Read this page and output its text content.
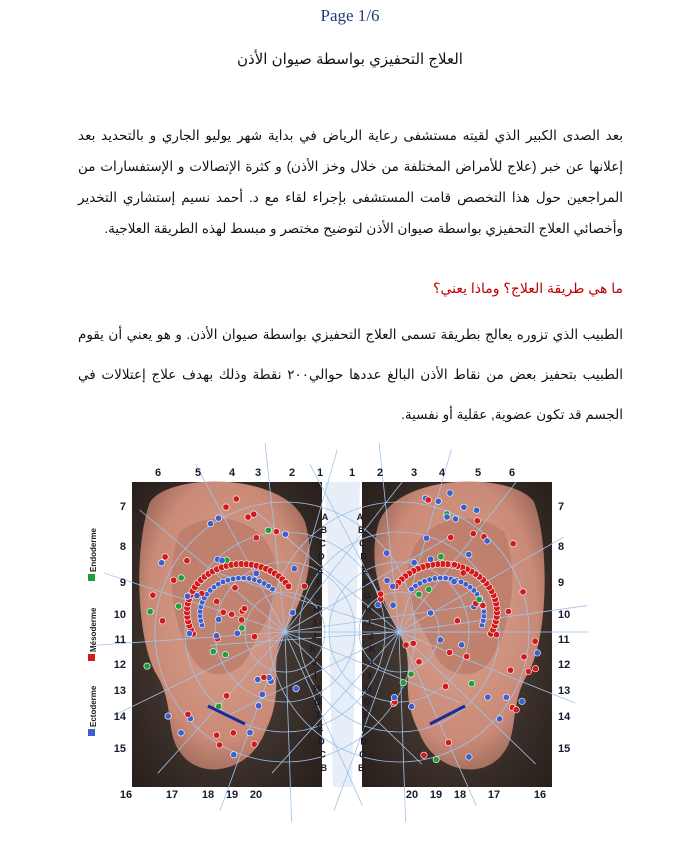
Page 1/6
العلاج التحفيزي بواسطة صيوان الأذن
بعد الصدى الكبير الذي لقيته مستشفى رعاية الرياض في بداية شهر يوليو الجاري و بالتحديد بعد إعلانها عن خبر (علاج للأمراض المختلفة من خلال وخز الأذن) و كثرة الإتصالات و الإستفسارات من المراجعين حول هذا التخصص قامت المستشفى بإجراء لقاء مع د. أحمد نسيم إستشاري التخدير وأخصائي العلاج التحفيزي بواسطة صيوان الأذن لتوضيح مختصر و مبسط لهذه الطريقة العلاجية.
ما هي طريقة العلاج؟ وماذا يعني؟
الطبيب الذي تزوره يعالج بطريقة تسمى العلاج التحفيزي بواسطة صيوان الأذن. و هو يعني أن يقوم الطبيب بتحفيز بعض من نقاط الأذن البالغ عددها حوالي٢٠٠ نقطة وذلك بهدف علاج إعتلالات في الجسم قد تكون عضوية, عقلية أو نفسية.
6	5	4 3	2 1 1 2	3 4	5	6
7
8
9
10
11
12
13
14
15
7
8
9
10
11
12
13
14
15
16	17 18 19 20	20 19 18 17	16
A
B
C
D
E
F
G
H
I
J
K
J
I
H
G
F
E
D
C
B
A
B
C
D
E
F
G
H
I
J
K
J
I
H
G
F
E
D
C
B
Endoderme
Mésoderme
Ectoderme
